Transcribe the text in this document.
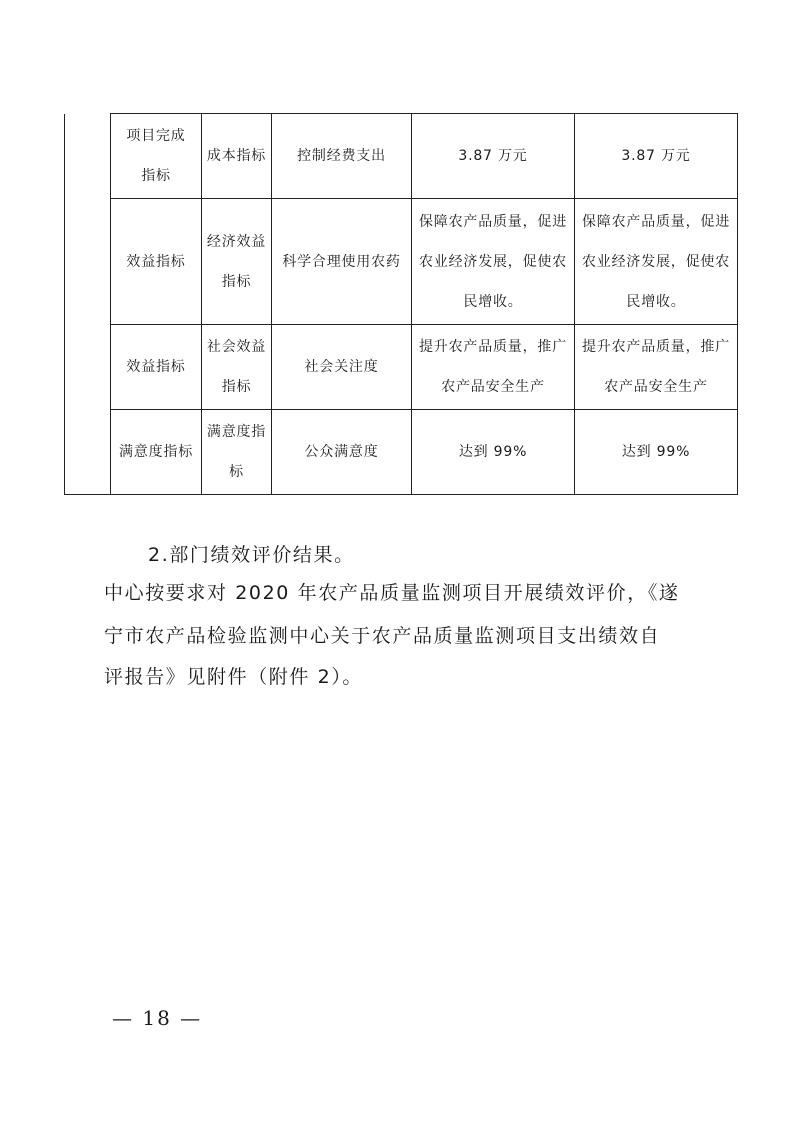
	项目完成指标	成本指标	控制经费支出	3.87 万元	3.87 万元
	效益指标	经济效益指标	科学合理使用农药	保障农产品质量，促进农业经济发展，促使农民增收。	保障农产品质量，促进农业经济发展，促使农民增收。
	效益指标	社会效益指标	社会关注度	提升农产品质量，推广农产品安全生产	提升农产品质量，推广农产品安全生产
	满意度指标	满意度指标	公众满意度	达到 99%	达到 99%
2.部门绩效评价结果。
中心按要求对 2020 年农产品质量监测项目开展绩效评价，《遂
宁市农产品检验监测中心关于农产品质量监测项目支出绩效自
评报告》见附件（附件 2）。
— 18 —
